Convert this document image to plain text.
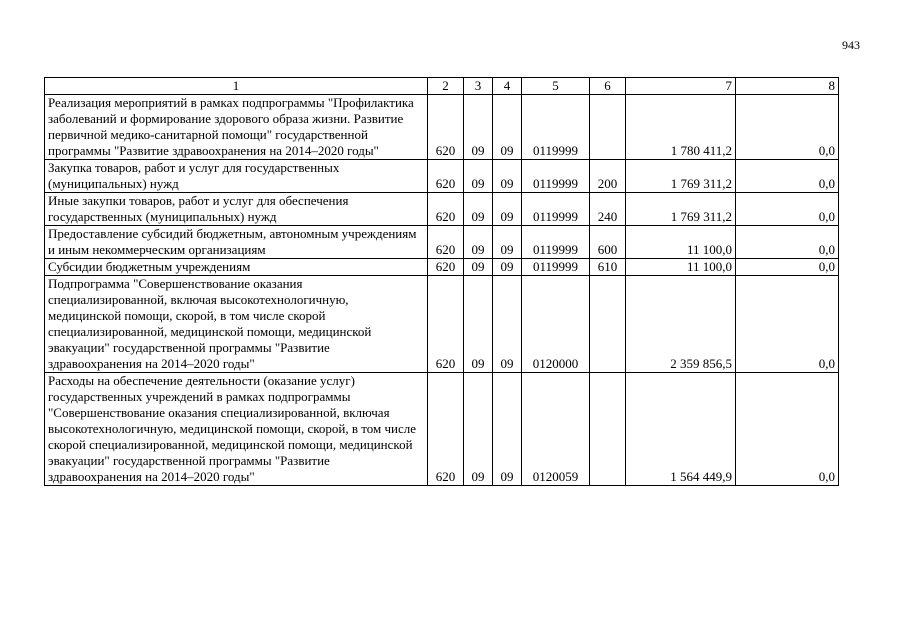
943
1	2	3	4	5	6	7	8
Реализация мероприятий в рамках подпрограммы "Профилактика заболеваний и формирование здорового образа жизни. Развитие первичной медико-санитарной помощи" государственной программы "Развитие здравоохранения на 2014–2020 годы"	620	09	09	0119999		1 780 411,2	0,0
Закупка товаров, работ и услуг для государственных (муниципальных) нужд	620	09	09	0119999	200	1 769 311,2	0,0
Иные закупки товаров, работ и услуг для обеспечения государственных (муниципальных) нужд	620	09	09	0119999	240	1 769 311,2	0,0
Предоставление субсидий бюджетным, автономным учреждениям и иным некоммерческим организациям	620	09	09	0119999	600	11 100,0	0,0
Субсидии бюджетным учреждениям	620	09	09	0119999	610	11 100,0	0,0
Подпрограмма "Совершенствование оказания специализированной, включая высокотехнологичную, медицинской помощи, скорой, в том числе скорой специализированной, медицинской помощи, медицинской эвакуации" государственной программы "Развитие здравоохранения на 2014–2020 годы"	620	09	09	0120000		2 359 856,5	0,0
Расходы на обеспечение деятельности (оказание услуг) государственных учреждений в рамках подпрограммы "Совершенствование оказания специализированной, включая высокотехнологичную, медицинской помощи, скорой, в том числе скорой специализированной, медицинской помощи, медицинской эвакуации" государственной программы "Развитие здравоохранения на 2014–2020 годы"	620	09	09	0120059		1 564 449,9	0,0
